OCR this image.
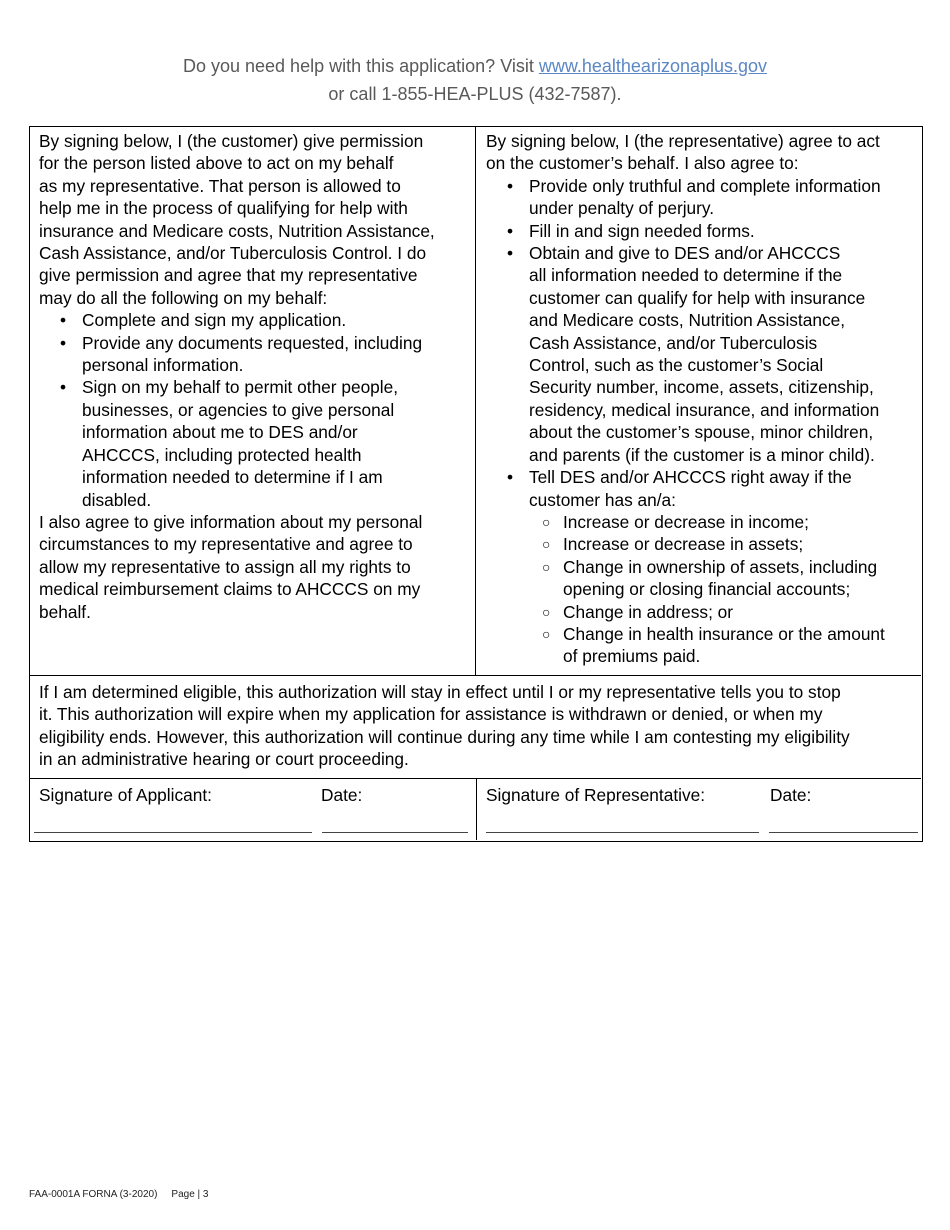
Do you need help with this application? Visit www.healthearizonaplus.gov
or call 1-855-HEA-PLUS (432-7587).

By signing below, I (the customer) give permission
for the person listed above to act on my behalf
as my representative. That person is allowed to
help me in the process of qualifying for help with
insurance and Medicare costs, Nutrition Assistance,
Cash Assistance, and/or Tuberculosis Control. I do
give permission and agree that my representative
may do all the following on my behalf:

• Complete and sign my application.
• Provide any documents requested, including
personal information.
• Sign on my behalf to permit other people,
businesses, or agencies to give personal
information about me to DES and/or
AHCCCS, including protected health
information needed to determine if I am
disabled.

I also agree to give information about my personal
circumstances to my representative and agree to
allow my representative to assign all my rights to
medical reimbursement claims to AHCCCS on my
behalf.

By signing below, I (the representative) agree to act
on the customer’s behalf. I also agree to:

• Provide only truthful and complete information
under penalty of perjury.
• Fill in and sign needed forms.
• Obtain and give to DES and/or AHCCCS
all information needed to determine if the
customer can qualify for help with insurance
and Medicare costs, Nutrition Assistance,
Cash Assistance, and/or Tuberculosis
Control, such as the customer’s Social
Security number, income, assets, citizenship,
residency, medical insurance, and information
about the customer’s spouse, minor children,
and parents (if the customer is a minor child).
• Tell DES and/or AHCCCS right away if the
customer has an/a:
○ Increase or decrease in income;
○ Increase or decrease in assets;
○ Change in ownership of assets, including
opening or closing financial accounts;
○ Change in address; or
○ Change in health insurance or the amount
of premiums paid.

If I am determined eligible, this authorization will stay in effect until I or my representative tells you to stop
it. This authorization will expire when my application for assistance is withdrawn or denied, or when my
eligibility ends. However, this authorization will continue during any time while I am contesting my eligibility
in an administrative hearing or court proceeding.

Signature of Applicant:	Date:	Signature of Representative:	Date:
FAA-0001A FORNA (3-2020) Page | 3
